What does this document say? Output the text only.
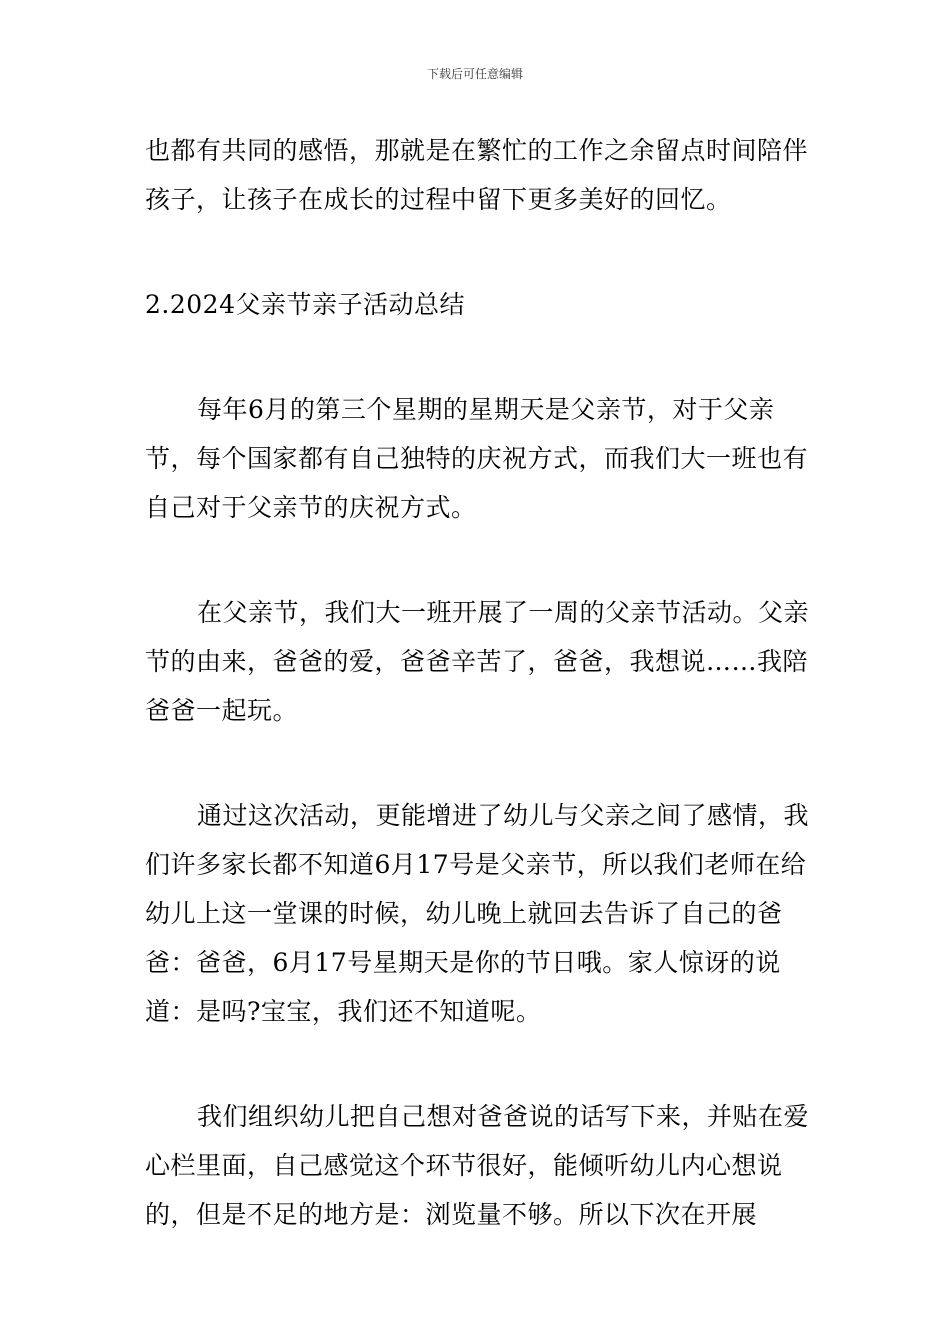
下载后可任意编辑

也都有共同的感悟，那就是在繁忙的工作之余留点时间陪伴孩子，让孩子在成长的过程中留下更多美好的回忆。

2.2024父亲节亲子活动总结

每年6月的第三个星期的星期天是父亲节，对于父亲节，每个国家都有自己独特的庆祝方式，而我们大一班也有自己对于父亲节的庆祝方式。

在父亲节，我们大一班开展了一周的父亲节活动。父亲节的由来，爸爸的爱，爸爸辛苦了，爸爸，我想说……我陪爸爸一起玩。

通过这次活动，更能增进了幼儿与父亲之间了感情，我们许多家长都不知道6月17号是父亲节，所以我们老师在给幼儿上这一堂课的时候，幼儿晚上就回去告诉了自己的爸爸：爸爸，6月17号星期天是你的节日哦。家人惊讶的说道：是吗?宝宝，我们还不知道呢。

我们组织幼儿把自己想对爸爸说的话写下来，并贴在爱心栏里面，自己感觉这个环节很好，能倾听幼儿内心想说的，但是不足的地方是：浏览量不够。所以下次在开展
